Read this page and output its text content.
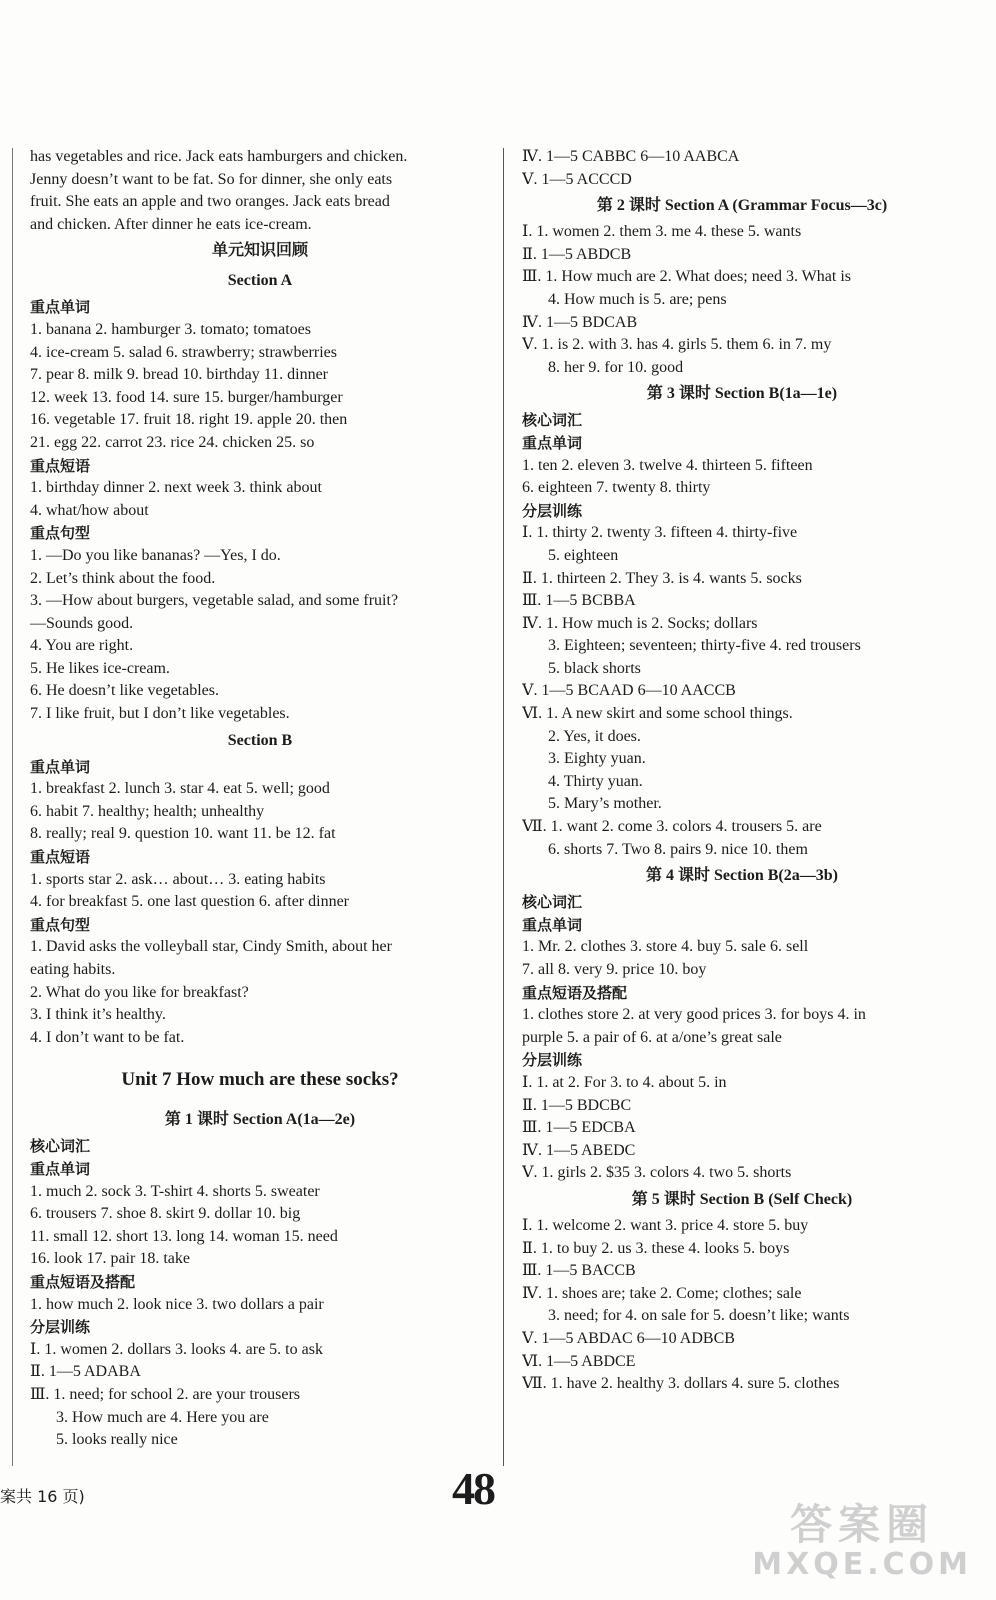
has vegetables and rice. Jack eats hamburgers and chicken.
Jenny doesn’t want to be fat. So for dinner, she only eats
fruit. She eats an apple and two oranges. Jack eats bread
and chicken. After dinner he eats ice-cream.
单元知识回顾
Section A
重点单词
1. banana 2. hamburger 3. tomato; tomatoes
4. ice-cream 5. salad 6. strawberry; strawberries
7. pear 8. milk 9. bread 10. birthday 11. dinner
12. week 13. food 14. sure 15. burger/hamburger
16. vegetable 17. fruit 18. right 19. apple 20. then
21. egg 22. carrot 23. rice 24. chicken 25. so
重点短语
1. birthday dinner 2. next week 3. think about
4. what/how about
重点句型
1. —Do you like bananas? —Yes, I do.
2. Let’s think about the food.
3. —How about burgers, vegetable salad, and some fruit?
—Sounds good.
4. You are right.
5. He likes ice-cream.
6. He doesn’t like vegetables.
7. I like fruit, but I don’t like vegetables.
Section B
重点单词
1. breakfast 2. lunch 3. star 4. eat 5. well; good
6. habit 7. healthy; health; unhealthy
8. really; real 9. question 10. want 11. be 12. fat
重点短语
1. sports star 2. ask… about… 3. eating habits
4. for breakfast 5. one last question 6. after dinner
重点句型
1. David asks the volleyball star, Cindy Smith, about her
eating habits.
2. What do you like for breakfast?
3. I think it’s healthy.
4. I don’t want to be fat.
Unit 7 How much are these socks?
第 1 课时 Section A(1a—2e)
核心词汇
重点单词
1. much 2. sock 3. T-shirt 4. shorts 5. sweater
6. trousers 7. shoe 8. skirt 9. dollar 10. big
11. small 12. short 13. long 14. woman 15. need
16. look 17. pair 18. take
重点短语及搭配
1. how much 2. look nice 3. two dollars a pair
分层训练
Ⅰ. 1. women 2. dollars 3. looks 4. are 5. to ask
Ⅱ. 1—5 ADABA
Ⅲ. 1. need; for school 2. are your trousers
3. How much are 4. Here you are
5. looks really nice
Ⅳ. 1—5 CABBC 6—10 AABCA
Ⅴ. 1—5 ACCCD
第 2 课时 Section A (Grammar Focus—3c)
Ⅰ. 1. women 2. them 3. me 4. these 5. wants
Ⅱ. 1—5 ABDCB
Ⅲ. 1. How much are 2. What does; need 3. What is
4. How much is 5. are; pens
Ⅳ. 1—5 BDCAB
Ⅴ. 1. is 2. with 3. has 4. girls 5. them 6. in 7. my
8. her 9. for 10. good
第 3 课时 Section B(1a—1e)
核心词汇
重点单词
1. ten 2. eleven 3. twelve 4. thirteen 5. fifteen
6. eighteen 7. twenty 8. thirty
分层训练
Ⅰ. 1. thirty 2. twenty 3. fifteen 4. thirty-five
5. eighteen
Ⅱ. 1. thirteen 2. They 3. is 4. wants 5. socks
Ⅲ. 1—5 BCBBA
Ⅳ. 1. How much is 2. Socks; dollars
3. Eighteen; seventeen; thirty-five 4. red trousers
5. black shorts
Ⅴ. 1—5 BCAAD 6—10 AACCB
Ⅵ. 1. A new skirt and some school things.
2. Yes, it does.
3. Eighty yuan.
4. Thirty yuan.
5. Mary’s mother.
Ⅶ. 1. want 2. come 3. colors 4. trousers 5. are
6. shorts 7. Two 8. pairs 9. nice 10. them
第 4 课时 Section B(2a—3b)
核心词汇
重点单词
1. Mr. 2. clothes 3. store 4. buy 5. sale 6. sell
7. all 8. very 9. price 10. boy
重点短语及搭配
1. clothes store 2. at very good prices 3. for boys 4. in
purple 5. a pair of 6. at a/one’s great sale
分层训练
Ⅰ. 1. at 2. For 3. to 4. about 5. in
Ⅱ. 1—5 BDCBC
Ⅲ. 1—5 EDCBA
Ⅳ. 1—5 ABEDC
Ⅴ. 1. girls 2. $35 3. colors 4. two 5. shorts
第 5 课时 Section B (Self Check)
Ⅰ. 1. welcome 2. want 3. price 4. store 5. buy
Ⅱ. 1. to buy 2. us 3. these 4. looks 5. boys
Ⅲ. 1—5 BACCB
Ⅳ. 1. shoes are; take 2. Come; clothes; sale
3. need; for 4. on sale for 5. doesn’t like; wants
Ⅴ. 1—5 ABDAC 6—10 ADBCB
Ⅵ. 1—5 ABDCE
Ⅶ. 1. have 2. healthy 3. dollars 4. sure 5. clothes
案共 16 页)	48
答案圈
MXQE.COM
